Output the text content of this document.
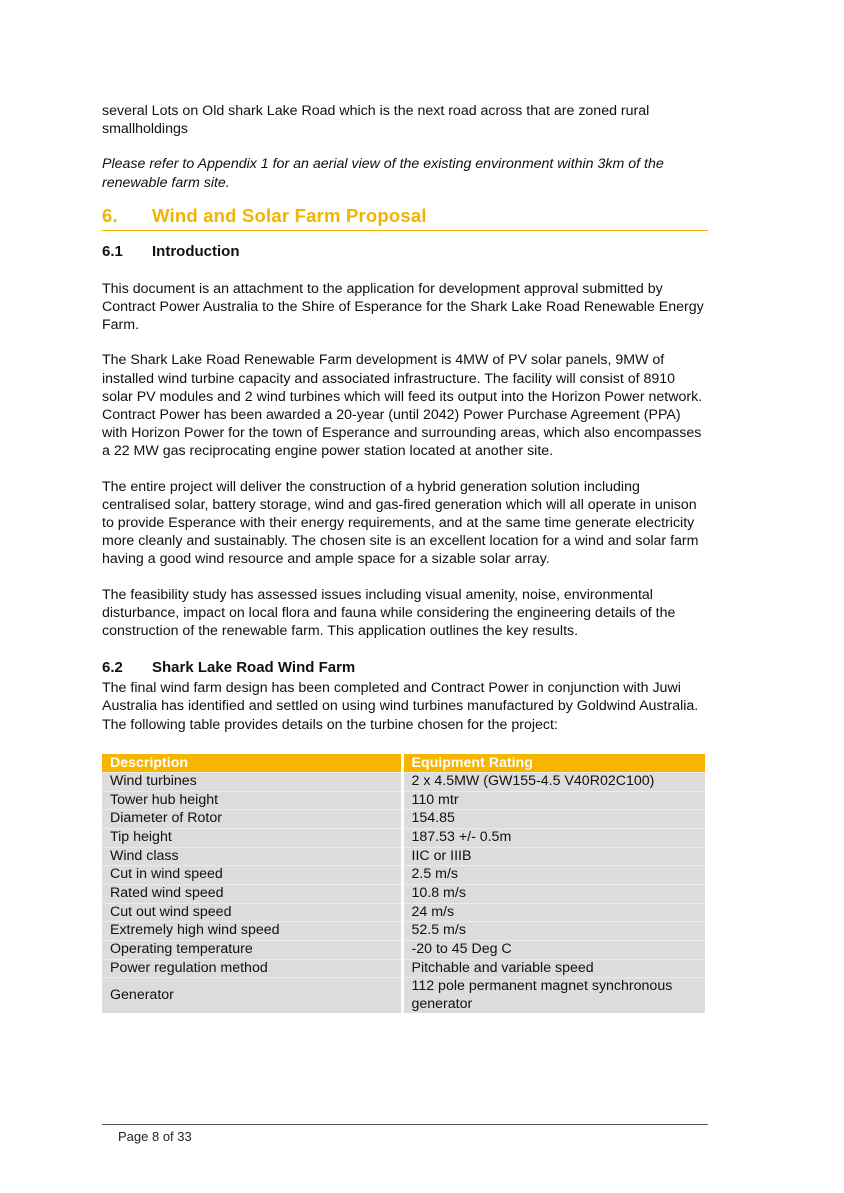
several Lots on Old shark Lake Road which is the next road across that are zoned rural smallholdings

Please refer to Appendix 1 for an aerial view of the existing environment within 3km of the renewable farm site.

6.	Wind and Solar Farm Proposal
6.1	Introduction

This document is an attachment to the application for development approval submitted by Contract Power Australia to the Shire of Esperance for the Shark Lake Road Renewable Energy Farm.

The Shark Lake Road Renewable Farm development is 4MW of PV solar panels, 9MW of installed wind turbine capacity and associated infrastructure. The facility will consist of 8910 solar PV modules and 2 wind turbines which will feed its output into the Horizon Power network. Contract Power has been awarded a 20-year (until 2042) Power Purchase Agreement (PPA) with Horizon Power for the town of Esperance and surrounding areas, which also encompasses a 22 MW gas reciprocating engine power station located at another site.

The entire project will deliver the construction of a hybrid generation solution including centralised solar, battery storage, wind and gas-fired generation which will all operate in unison to provide Esperance with their energy requirements, and at the same time generate electricity more cleanly and sustainably. The chosen site is an excellent location for a wind and solar farm having a good wind resource and ample space for a sizable solar array.

The feasibility study has assessed issues including visual amenity, noise, environmental disturbance, impact on local flora and fauna while considering the engineering details of the construction of the renewable farm. This application outlines the key results.

6.2	Shark Lake Road Wind Farm

The final wind farm design has been completed and Contract Power in conjunction with Juwi Australia has identified and settled on using wind turbines manufactured by Goldwind Australia. The following table provides details on the turbine chosen for the project:

Description	Equipment Rating
Wind turbines	2 x 4.5MW (GW155-4.5 V40R02C100)
Tower hub height	110 mtr
Diameter of Rotor	154.85
Tip height	187.53 +/- 0.5m
Wind class	IIC or IIIB
Cut in wind speed	2.5 m/s
Rated wind speed	10.8 m/s
Cut out wind speed	24 m/s
Extremely high wind speed	52.5 m/s
Operating temperature	-20 to 45 Deg C
Power regulation method	Pitchable and variable speed
Generator	112 pole permanent magnet synchronous generator
Page 8 of 33
